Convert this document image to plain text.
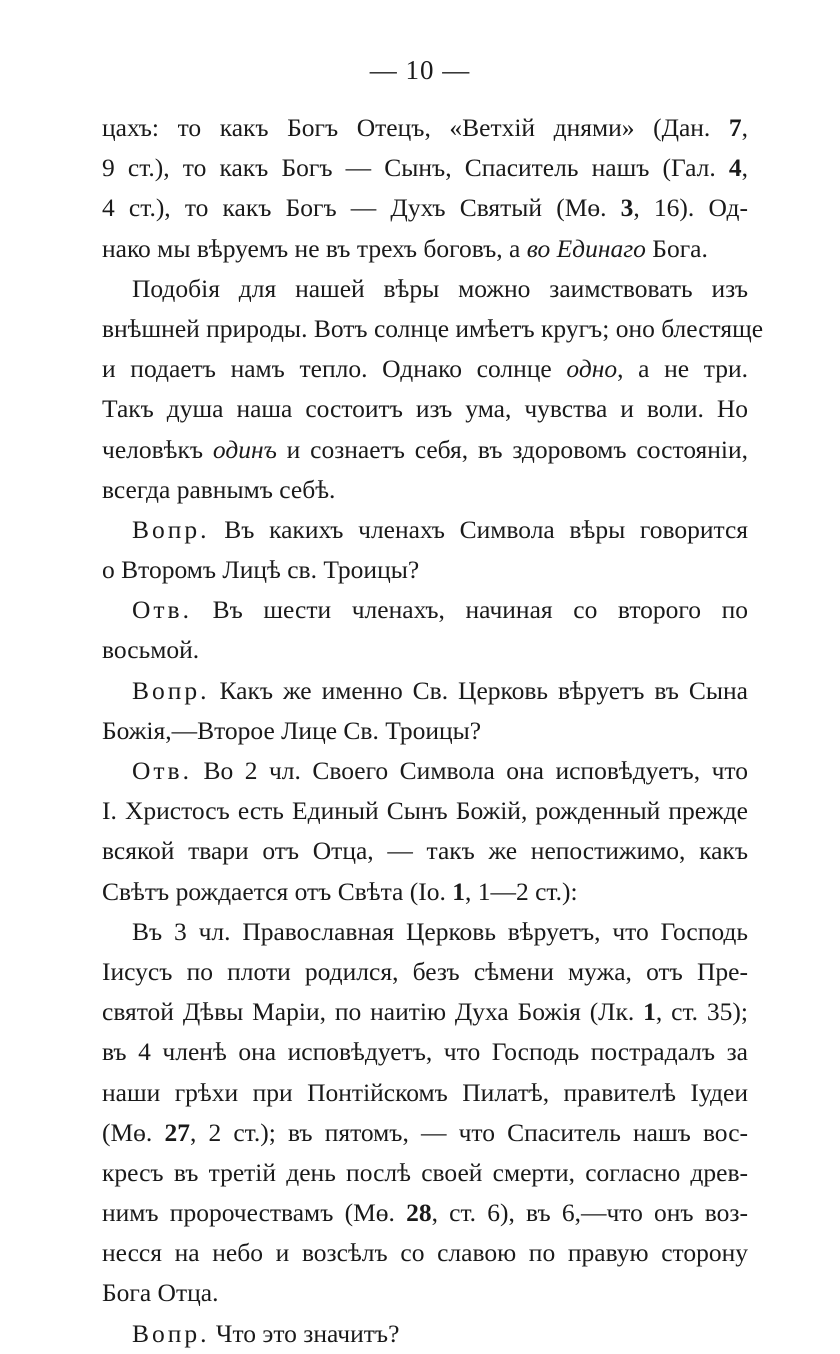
— 10 —
цахъ: то какъ Богъ Отецъ, «Ветхій днями» (Дан. 7,
9 ст.), то какъ Богъ — Сынъ, Спаситель нашъ (Гал. 4,
4 ст.), то какъ Богъ — Духъ Святый (Мө. 3, 16). Од-
нако мы вѣруемъ не въ трехъ боговъ, а во Единаго Бога.
Подобія для нашей вѣры можно заимствовать изъ
внѣшней природы. Вотъ солнце имѣетъ кругъ; оно блестяще
и подаетъ намъ тепло. Однако солнце одно, а не три.
Такъ душа наша состоитъ изъ ума, чувства и воли. Но
человѣкъ одинъ и сознаетъ себя, въ здоровомъ состояніи,
всегда равнымъ себѣ.
Вопр. Въ какихъ членахъ Символа вѣры говорится
о Второмъ Лицѣ св. Троицы?
Отв. Въ шести членахъ, начиная со второго по
восьмой.
Вопр. Какъ же именно Св. Церковь вѣруетъ въ Сына
Божія,—Второе Лице Св. Троицы?
Отв. Во 2 чл. Своего Символа она исповѣдуетъ, что
I. Христосъ есть Единый Сынъ Божій, рожденный прежде
всякой твари отъ Отца, — такъ же непостижимо, какъ
Свѣтъ рождается отъ Свѣта (Іо. 1, 1—2 ст.):
Въ 3 чл. Православная Церковь вѣруетъ, что Господь
Іисусъ по плоти родился, безъ сѣмени мужа, отъ Пре-
святой Дѣвы Маріи, по наитію Духа Божія (Лк. 1, ст. 35);
въ 4 членѣ она исповѣдуетъ, что Господь пострадалъ за
наши грѣхи при Понтійскомъ Пилатѣ, правителѣ Іудеи
(Мө. 27, 2 ст.); въ пятомъ, — что Спаситель нашъ вос-
кресъ въ третій день послѣ своей смерти, согласно древ-
нимъ пророчествамъ (Мө. 28, ст. 6), въ 6,—что онъ воз-
несся на небо и возсѣлъ со славою по правую сторону
Бога Отца.
Вопр. Что это значитъ?
